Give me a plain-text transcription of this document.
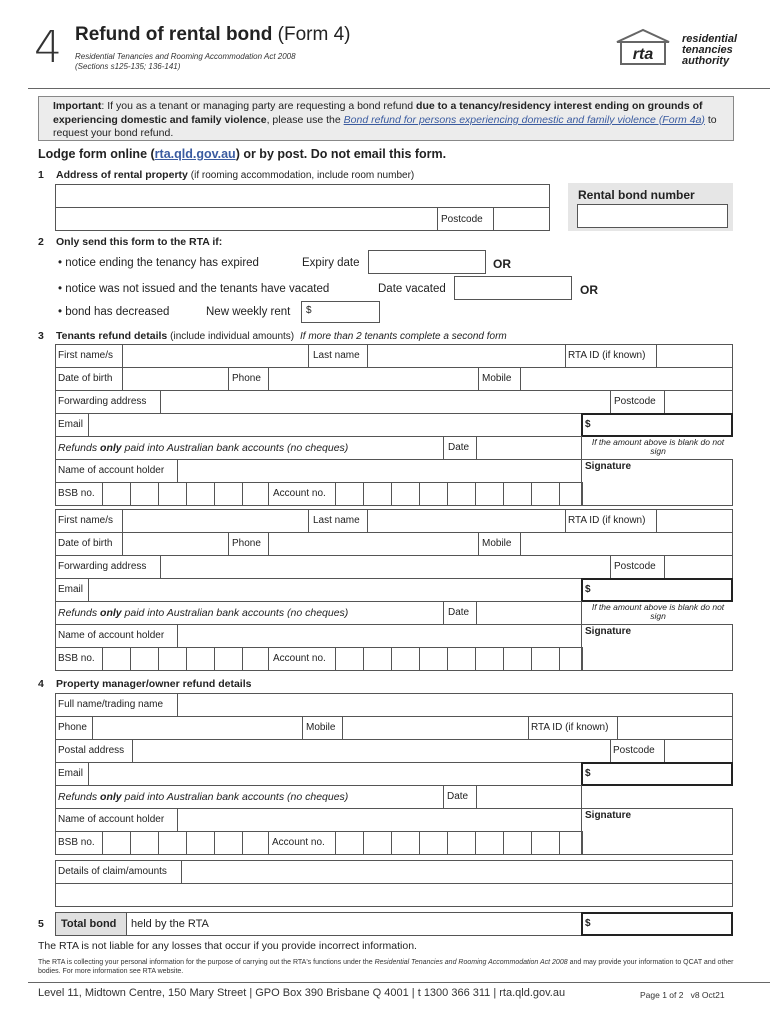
4 Refund of rental bond (Form 4)
Residential Tenancies and Rooming Accommodation Act 2008
(Sections s125-135; 136-141)
rta
residential
tenancies
authority
Important: If you as a tenant or managing party are requesting a bond refund due to a tenancy/residency interest ending on grounds of experiencing domestic and family violence, please use the Bond refund for persons experiencing domestic and family violence (Form 4a) to request your bond refund.
Lodge form online (rta.qld.gov.au) or by post. Do not email this form.
1 Address of rental property (if rooming accommodation, include room number)
Postcode
Rental bond number
2 Only send this form to the RTA if:
• notice ending the tenancy has expired	Expiry date	OR
• notice was not issued and the tenants have vacated	Date vacated	OR
• bond has decreased	New weekly rent $
3 Tenants refund details (include individual amounts) If more than 2 tenants complete a second form
First name/s	Last name	RTA ID (if known)
Date of birth	Phone	Mobile
Forwarding address	Postcode
Email	$
Refunds only paid into Australian bank accounts (no cheques)	Date	If the amount above is blank do not sign
Name of account holder	Signature
BSB no.	Account no.
First name/s	Last name	RTA ID (if known)
Date of birth	Phone	Mobile
Forwarding address	Postcode
Email	$
Refunds only paid into Australian bank accounts (no cheques)	Date	If the amount above is blank do not sign
Name of account holder	Signature
BSB no.	Account no.
4 Property manager/owner refund details
Full name/trading name
Phone	Mobile	RTA ID (if known)
Postal address	Postcode
Email	$
Refunds only paid into Australian bank accounts (no cheques)	Date
Name of account holder	Signature
BSB no.	Account no.
Details of claim/amounts
5 Total bond held by the RTA	$
The RTA is not liable for any losses that occur if you provide incorrect information.
The RTA is collecting your personal information for the purpose of carrying out the RTA's functions under the Residential Tenancies and Rooming Accommodation Act 2008 and may provide your information to QCAT and other bodies. For more information see RTA website.
Level 11, Midtown Centre, 150 Mary Street | GPO Box 390 Brisbane Q 4001 | t 1300 366 311 | rta.qld.gov.au	Page 1 of 2 v8 Oct21
